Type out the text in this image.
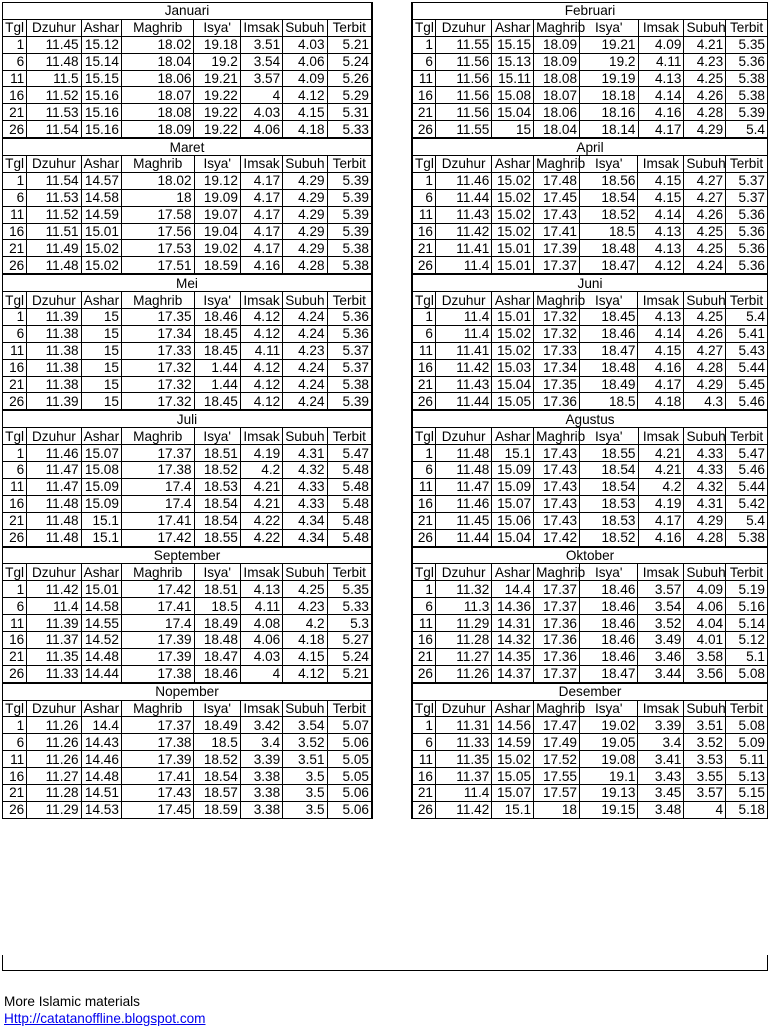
Januari							
Tgl	Dzuhur	Ashar	Maghrib	Isya'	Imsak	Subuh	Terbit
1	11.45	15.12	18.02	19.18	3.51	4.03	5.21
6	11.48	15.14	18.04	19.2	3.54	4.06	5.24
11	11.5	15.15	18.06	19.21	3.57	4.09	5.26
16	11.52	15.16	18.07	19.22	4	4.12	5.29
21	11.53	15.16	18.08	19.22	4.03	4.15	5.31
26	11.54	15.16	18.09	19.22	4.06	4.18	5.33
Februari							
Tgl	Dzuhur	Ashar	Maghrib	Isya'	Imsak	Subuh	Terbit
1	11.55	15.15	18.09	19.21	4.09	4.21	5.35
6	11.56	15.13	18.09	19.2	4.11	4.23	5.36
11	11.56	15.11	18.08	19.19	4.13	4.25	5.38
16	11.56	15.08	18.07	18.18	4.14	4.26	5.38
21	11.56	15.04	18.06	18.16	4.16	4.28	5.39
26	11.55	15	18.04	18.14	4.17	4.29	5.4
Maret							
Tgl	Dzuhur	Ashar	Maghrib	Isya'	Imsak	Subuh	Terbit
1	11.54	14.57	18.02	19.12	4.17	4.29	5.39
6	11.53	14.58	18	19.09	4.17	4.29	5.39
11	11.52	14.59	17.58	19.07	4.17	4.29	5.39
16	11.51	15.01	17.56	19.04	4.17	4.29	5.39
21	11.49	15.02	17.53	19.02	4.17	4.29	5.38
26	11.48	15.02	17.51	18.59	4.16	4.28	5.38
April							
Tgl	Dzuhur	Ashar	Maghrib	Isya'	Imsak	Subuh	Terbit
1	11.46	15.02	17.48	18.56	4.15	4.27	5.37
6	11.44	15.02	17.45	18.54	4.15	4.27	5.37
11	11.43	15.02	17.43	18.52	4.14	4.26	5.36
16	11.42	15.02	17.41	18.5	4.13	4.25	5.36
21	11.41	15.01	17.39	18.48	4.13	4.25	5.36
26	11.4	15.01	17.37	18.47	4.12	4.24	5.36
Mei							
Tgl	Dzuhur	Ashar	Maghrib	Isya'	Imsak	Subuh	Terbit
1	11.39	15	17.35	18.46	4.12	4.24	5.36
6	11.38	15	17.34	18.45	4.12	4.24	5.36
11	11.38	15	17.33	18.45	4.11	4.23	5.37
16	11.38	15	17.32	1.44	4.12	4.24	5.37
21	11.38	15	17.32	1.44	4.12	4.24	5.38
26	11.39	15	17.32	18.45	4.12	4.24	5.39
Juni							
Tgl	Dzuhur	Ashar	Maghrib	Isya'	Imsak	Subuh	Terbit
1	11.4	15.01	17.32	18.45	4.13	4.25	5.4
6	11.4	15.02	17.32	18.46	4.14	4.26	5.41
11	11.41	15.02	17.33	18.47	4.15	4.27	5.43
16	11.42	15.03	17.34	18.48	4.16	4.28	5.44
21	11.43	15.04	17.35	18.49	4.17	4.29	5.45
26	11.44	15.05	17.36	18.5	4.18	4.3	5.46
Juli							
Tgl	Dzuhur	Ashar	Maghrib	Isya'	Imsak	Subuh	Terbit
1	11.46	15.07	17.37	18.51	4.19	4.31	5.47
6	11.47	15.08	17.38	18.52	4.2	4.32	5.48
11	11.47	15.09	17.4	18.53	4.21	4.33	5.48
16	11.48	15.09	17.4	18.54	4.21	4.33	5.48
21	11.48	15.1	17.41	18.54	4.22	4.34	5.48
26	11.48	15.1	17.42	18.55	4.22	4.34	5.48
Agustus							
Tgl	Dzuhur	Ashar	Maghrib	Isya'	Imsak	Subuh	Terbit
1	11.48	15.1	17.43	18.55	4.21	4.33	5.47
6	11.48	15.09	17.43	18.54	4.21	4.33	5.46
11	11.47	15.09	17.43	18.54	4.2	4.32	5.44
16	11.46	15.07	17.43	18.53	4.19	4.31	5.42
21	11.45	15.06	17.43	18.53	4.17	4.29	5.4
26	11.44	15.04	17.42	18.52	4.16	4.28	5.38
September							
Tgl	Dzuhur	Ashar	Maghrib	Isya'	Imsak	Subuh	Terbit
1	11.42	15.01	17.42	18.51	4.13	4.25	5.35
6	11.4	14.58	17.41	18.5	4.11	4.23	5.33
11	11.39	14.55	17.4	18.49	4.08	4.2	5.3
16	11.37	14.52	17.39	18.48	4.06	4.18	5.27
21	11.35	14.48	17.39	18.47	4.03	4.15	5.24
26	11.33	14.44	17.38	18.46	4	4.12	5.21
Oktober							
Tgl	Dzuhur	Ashar	Maghrib	Isya'	Imsak	Subuh	Terbit
1	11.32	14.4	17.37	18.46	3.57	4.09	5.19
6	11.3	14.36	17.37	18.46	3.54	4.06	5.16
11	11.29	14.31	17.36	18.46	3.52	4.04	5.14
16	11.28	14.32	17.36	18.46	3.49	4.01	5.12
21	11.27	14.35	17.36	18.46	3.46	3.58	5.1
26	11.26	14.37	17.37	18.47	3.44	3.56	5.08
Nopember							
Tgl	Dzuhur	Ashar	Maghrib	Isya'	Imsak	Subuh	Terbit
1	11.26	14.4	17.37	18.49	3.42	3.54	5.07
6	11.26	14.43	17.38	18.5	3.4	3.52	5.06
11	11.26	14.46	17.39	18.52	3.39	3.51	5.05
16	11.27	14.48	17.41	18.54	3.38	3.5	5.05
21	11.28	14.51	17.43	18.57	3.38	3.5	5.06
26	11.29	14.53	17.45	18.59	3.38	3.5	5.06
Desember							
Tgl	Dzuhur	Ashar	Maghrib	Isya'	Imsak	Subuh	Terbit
1	11.31	14.56	17.47	19.02	3.39	3.51	5.08
6	11.33	14.59	17.49	19.05	3.4	3.52	5.09
11	11.35	15.02	17.52	19.08	3.41	3.53	5.11
16	11.37	15.05	17.55	19.1	3.43	3.55	5.13
21	11.4	15.07	17.57	19.13	3.45	3.57	5.15
26	11.42	15.1	18	19.15	3.48	4	5.18
More Islamic materials
Http://catatanoffline.blogspot.com
